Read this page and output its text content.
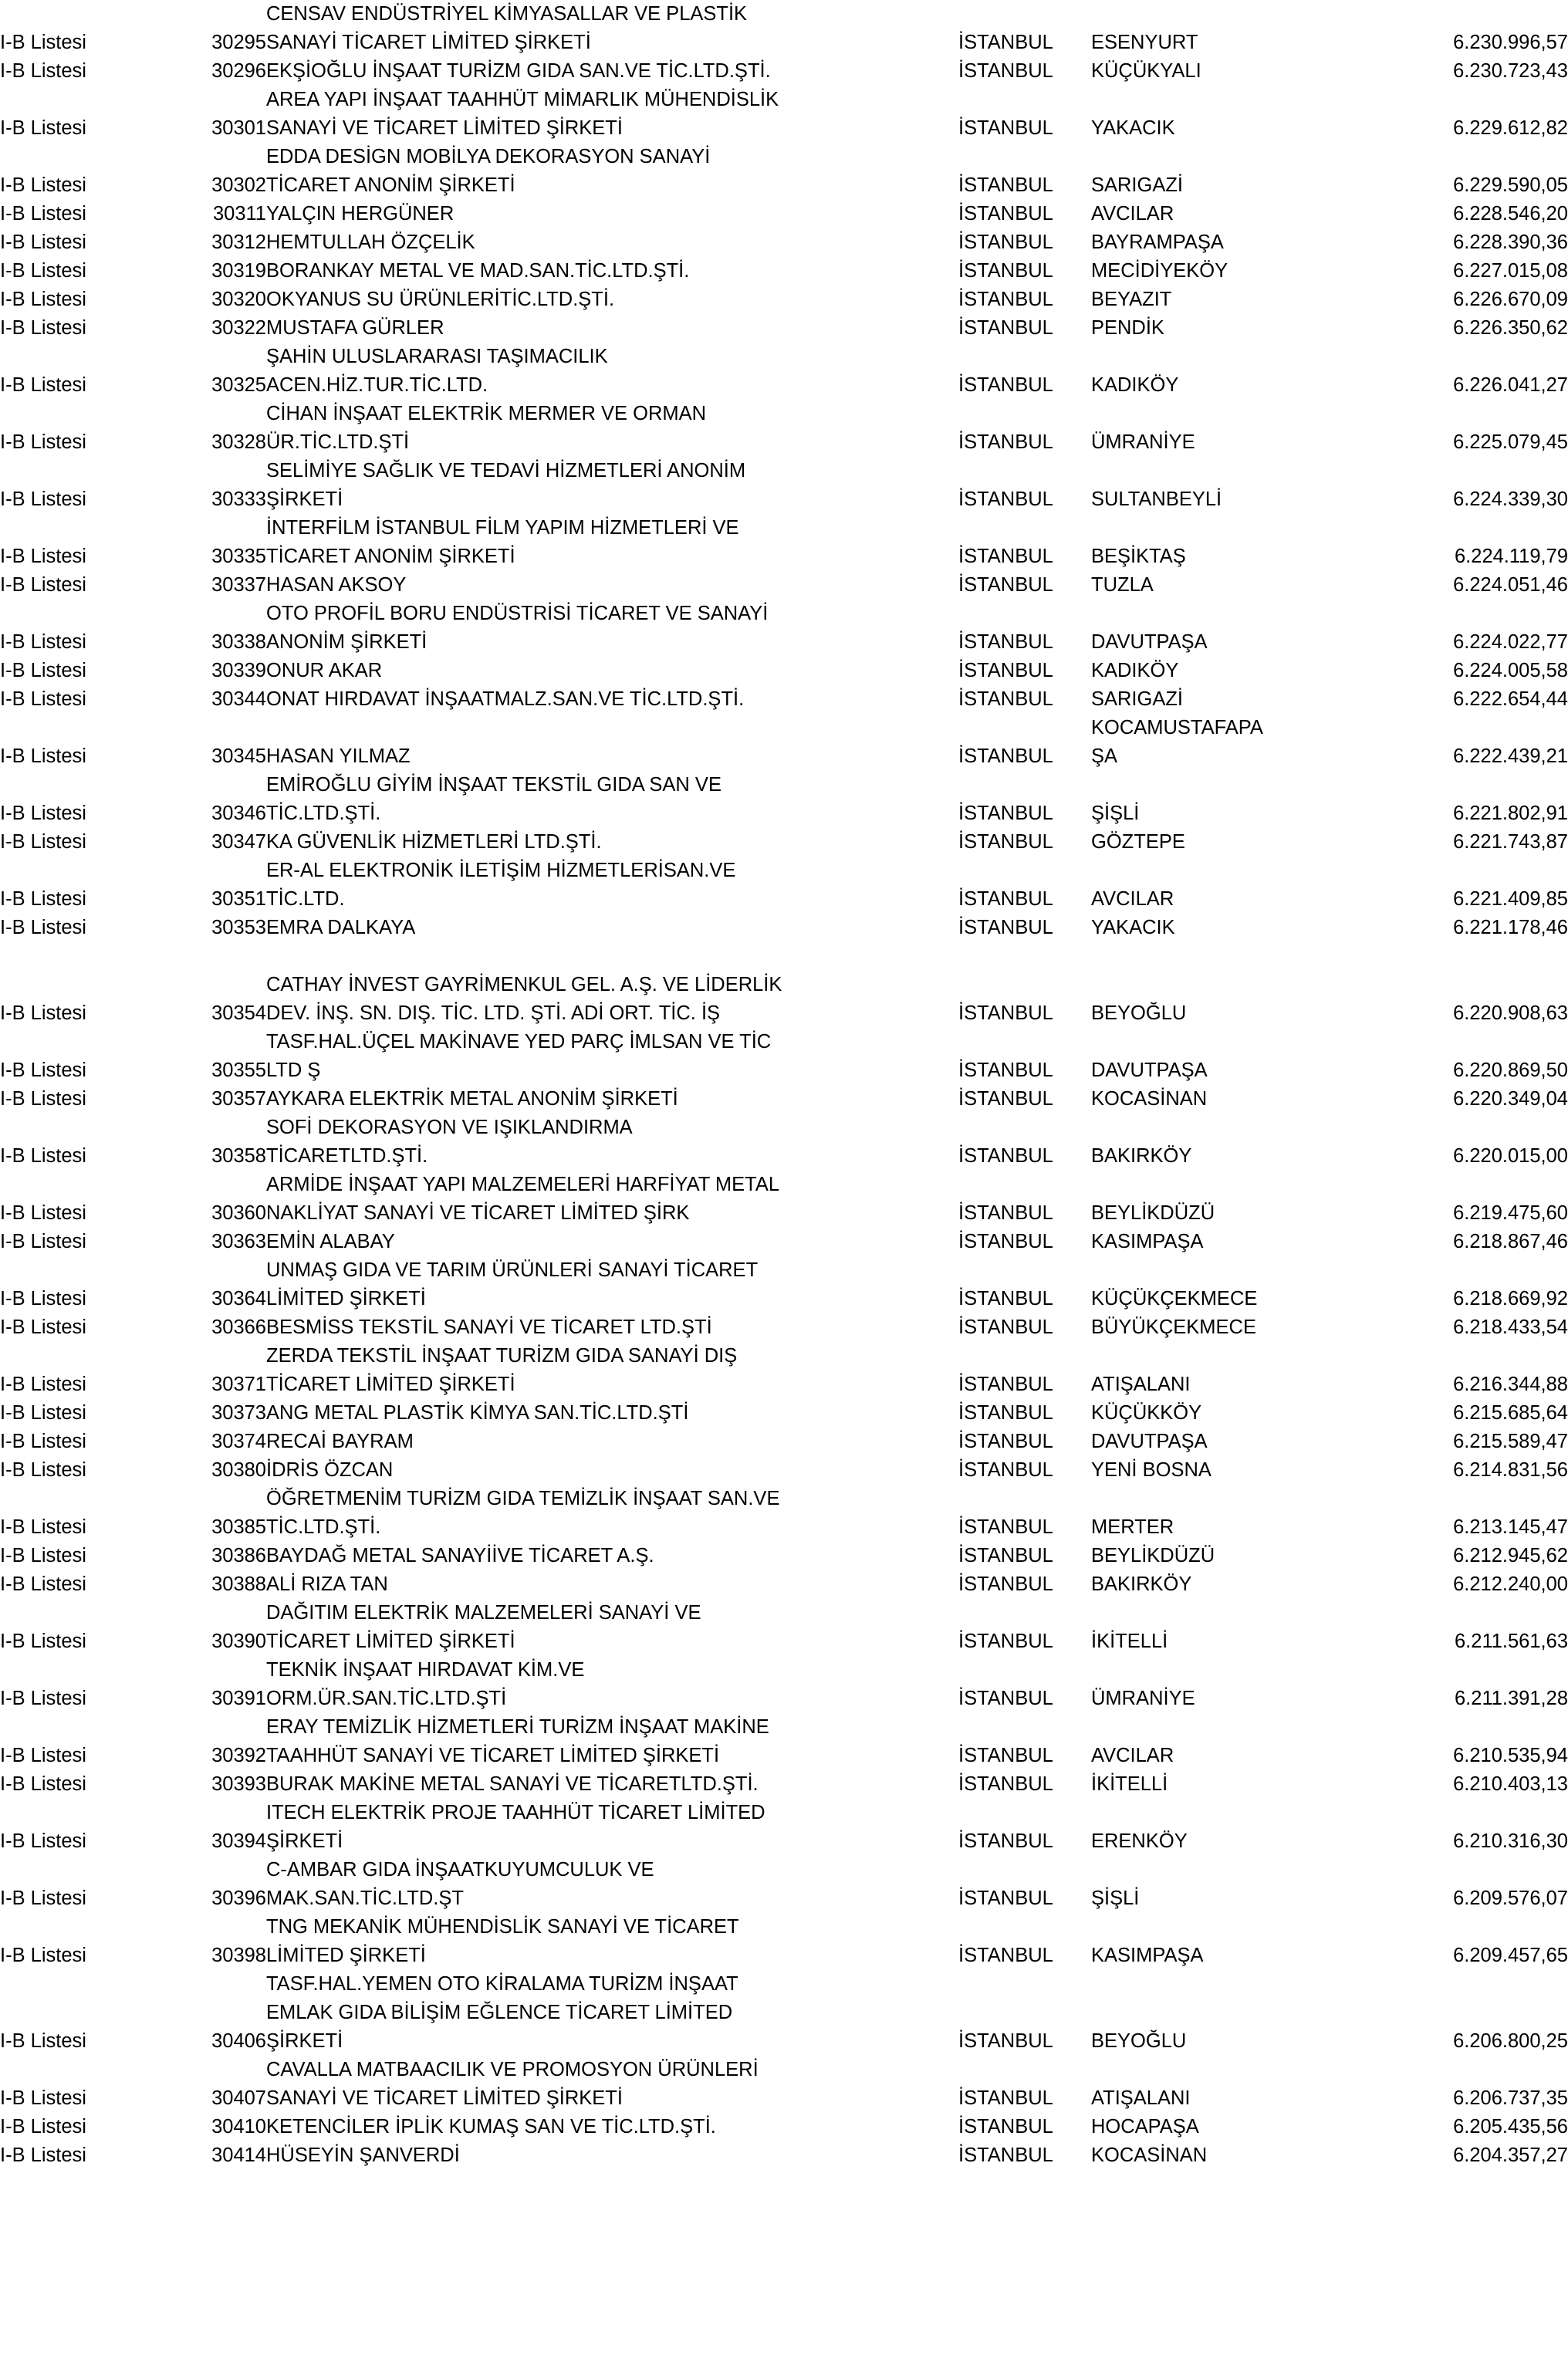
		CENSAV ENDÜSTRİYEL KİMYASALLAR VE PLASTİK			
I-B Listesi	30295	SANAYİ TİCARET LİMİTED ŞİRKETİ	İSTANBUL	ESENYURT	6.230.996,57
I-B Listesi	30296	EKŞİOĞLU İNŞAAT TURİZM GIDA SAN.VE TİC.LTD.ŞTİ.	İSTANBUL	KÜÇÜKYALI	6.230.723,43
		AREA YAPI İNŞAAT TAAHHÜT MİMARLIK MÜHENDİSLİK			
I-B Listesi	30301	SANAYİ VE TİCARET LİMİTED ŞİRKETİ	İSTANBUL	YAKACIK	6.229.612,82
		EDDA DESİGN MOBİLYA DEKORASYON SANAYİ			
I-B Listesi	30302	TİCARET ANONİM ŞİRKETİ	İSTANBUL	SARIGAZİ	6.229.590,05
I-B Listesi	30311	YALÇIN HERGÜNER	İSTANBUL	AVCILAR	6.228.546,20
I-B Listesi	30312	HEMTULLAH ÖZÇELİK	İSTANBUL	BAYRAMPAŞA	6.228.390,36
I-B Listesi	30319	BORANKAY METAL VE MAD.SAN.TİC.LTD.ŞTİ.	İSTANBUL	MECİDİYEKÖY	6.227.015,08
I-B Listesi	30320	OKYANUS SU ÜRÜNLERİTİC.LTD.ŞTİ.	İSTANBUL	BEYAZIT	6.226.670,09
I-B Listesi	30322	MUSTAFA GÜRLER	İSTANBUL	PENDİK	6.226.350,62
		ŞAHİN ULUSLARARASI TAŞIMACILIK			
I-B Listesi	30325	ACEN.HİZ.TUR.TİC.LTD.	İSTANBUL	KADIKÖY	6.226.041,27
		CİHAN İNŞAAT ELEKTRİK MERMER VE ORMAN			
I-B Listesi	30328	ÜR.TİC.LTD.ŞTİ	İSTANBUL	ÜMRANİYE	6.225.079,45
		SELİMİYE SAĞLIK VE TEDAVİ HİZMETLERİ ANONİM			
I-B Listesi	30333	ŞİRKETİ	İSTANBUL	SULTANBEYLİ	6.224.339,30
		İNTERFİLM İSTANBUL FİLM YAPIM HİZMETLERİ VE			
I-B Listesi	30335	TİCARET ANONİM ŞİRKETİ	İSTANBUL	BEŞİKTAŞ	6.224.119,79
I-B Listesi	30337	HASAN AKSOY	İSTANBUL	TUZLA	6.224.051,46
		OTO PROFİL BORU ENDÜSTRİSİ TİCARET VE SANAYİ			
I-B Listesi	30338	ANONİM ŞİRKETİ	İSTANBUL	DAVUTPAŞA	6.224.022,77
I-B Listesi	30339	ONUR AKAR	İSTANBUL	KADIKÖY	6.224.005,58
I-B Listesi	30344	ONAT HIRDAVAT İNŞAATMALZ.SAN.VE TİC.LTD.ŞTİ.	İSTANBUL	SARIGAZİ	6.222.654,44
				KOCAMUSTAFAPA	
I-B Listesi	30345	HASAN YILMAZ	İSTANBUL	ŞA	6.222.439,21
		EMİROĞLU GİYİM İNŞAAT TEKSTİL GIDA SAN VE			
I-B Listesi	30346	TİC.LTD.ŞTİ.	İSTANBUL	ŞİŞLİ	6.221.802,91
I-B Listesi	30347	KA GÜVENLİK HİZMETLERİ LTD.ŞTİ.	İSTANBUL	GÖZTEPE	6.221.743,87
		ER-AL ELEKTRONİK İLETİŞİM HİZMETLERİSAN.VE			
I-B Listesi	30351	TİC.LTD.	İSTANBUL	AVCILAR	6.221.409,85
I-B Listesi	30353	EMRA DALKAYA	İSTANBUL	YAKACIK	6.221.178,46

		CATHAY İNVEST GAYRİMENKUL GEL. A.Ş. VE LİDERLİK			
I-B Listesi	30354	DEV. İNŞ. SN. DIŞ. TİC. LTD. ŞTİ. ADİ ORT. TİC. İŞ	İSTANBUL	BEYOĞLU	6.220.908,63
		TASF.HAL.ÜÇEL MAKİNAVE YED PARÇ İMLSAN VE TİC			
I-B Listesi	30355	LTD Ş	İSTANBUL	DAVUTPAŞA	6.220.869,50
I-B Listesi	30357	AYKARA ELEKTRİK METAL ANONİM ŞİRKETİ	İSTANBUL	KOCASİNAN	6.220.349,04
		SOFİ DEKORASYON VE IŞIKLANDIRMA			
I-B Listesi	30358	TİCARETLTD.ŞTİ.	İSTANBUL	BAKIRKÖY	6.220.015,00
		ARMİDE İNŞAAT YAPI MALZEMELERİ HARFİYAT METAL			
I-B Listesi	30360	NAKLİYAT SANAYİ VE TİCARET LİMİTED ŞİRK	İSTANBUL	BEYLİKDÜZÜ	6.219.475,60
I-B Listesi	30363	EMİN ALABAY	İSTANBUL	KASIMPAŞA	6.218.867,46
		UNMAŞ GIDA VE TARIM ÜRÜNLERİ SANAYİ TİCARET			
I-B Listesi	30364	LİMİTED ŞİRKETİ	İSTANBUL	KÜÇÜKÇEKMECE	6.218.669,92
I-B Listesi	30366	BESMİSS TEKSTİL SANAYİ VE TİCARET LTD.ŞTİ	İSTANBUL	BÜYÜKÇEKMECE	6.218.433,54
		ZERDA TEKSTİL İNŞAAT TURİZM GIDA SANAYİ DIŞ			
I-B Listesi	30371	TİCARET LİMİTED ŞİRKETİ	İSTANBUL	ATIŞALANI	6.216.344,88
I-B Listesi	30373	ANG METAL PLASTİK KİMYA SAN.TİC.LTD.ŞTİ	İSTANBUL	KÜÇÜKKÖY	6.215.685,64
I-B Listesi	30374	RECAİ BAYRAM	İSTANBUL	DAVUTPAŞA	6.215.589,47
I-B Listesi	30380	İDRİS ÖZCAN	İSTANBUL	YENİ BOSNA	6.214.831,56
		ÖĞRETMENİM TURİZM GIDA TEMİZLİK İNŞAAT SAN.VE			
I-B Listesi	30385	TİC.LTD.ŞTİ.	İSTANBUL	MERTER	6.213.145,47
I-B Listesi	30386	BAYDAĞ METAL SANAYİİVE TİCARET A.Ş.	İSTANBUL	BEYLİKDÜZÜ	6.212.945,62
I-B Listesi	30388	ALİ RIZA TAN	İSTANBUL	BAKIRKÖY	6.212.240,00
		DAĞITIM ELEKTRİK MALZEMELERİ SANAYİ VE			
I-B Listesi	30390	TİCARET LİMİTED ŞİRKETİ	İSTANBUL	İKİTELLİ	6.211.561,63
		TEKNİK İNŞAAT HIRDAVAT KİM.VE			
I-B Listesi	30391	ORM.ÜR.SAN.TİC.LTD.ŞTİ	İSTANBUL	ÜMRANİYE	6.211.391,28
		ERAY TEMİZLİK HİZMETLERİ TURİZM İNŞAAT MAKİNE			
I-B Listesi	30392	TAAHHÜT SANAYİ VE TİCARET LİMİTED ŞİRKETİ	İSTANBUL	AVCILAR	6.210.535,94
I-B Listesi	30393	BURAK MAKİNE METAL SANAYİ VE TİCARETLTD.ŞTİ.	İSTANBUL	İKİTELLİ	6.210.403,13
		ITECH ELEKTRİK PROJE TAAHHÜT TİCARET LİMİTED			
I-B Listesi	30394	ŞİRKETİ	İSTANBUL	ERENKÖY	6.210.316,30
		C-AMBAR GIDA İNŞAATKUYUMCULUK VE			
I-B Listesi	30396	MAK.SAN.TİC.LTD.ŞT	İSTANBUL	ŞİŞLİ	6.209.576,07
		TNG MEKANİK MÜHENDİSLİK SANAYİ VE TİCARET			
I-B Listesi	30398	LİMİTED ŞİRKETİ	İSTANBUL	KASIMPAŞA	6.209.457,65
		TASF.HAL.YEMEN OTO KİRALAMA TURİZM İNŞAAT			
		EMLAK GIDA BİLİŞİM EĞLENCE TİCARET LİMİTED			
I-B Listesi	30406	ŞİRKETİ	İSTANBUL	BEYOĞLU	6.206.800,25
		CAVALLA MATBAACILIK VE PROMOSYON ÜRÜNLERİ			
I-B Listesi	30407	SANAYİ VE TİCARET LİMİTED ŞİRKETİ	İSTANBUL	ATIŞALANI	6.206.737,35
I-B Listesi	30410	KETENCİLER İPLİK KUMAŞ SAN VE TİC.LTD.ŞTİ.	İSTANBUL	HOCAPAŞA	6.205.435,56
I-B Listesi	30414	HÜSEYİN ŞANVERDİ	İSTANBUL	KOCASİNAN	6.204.357,27
